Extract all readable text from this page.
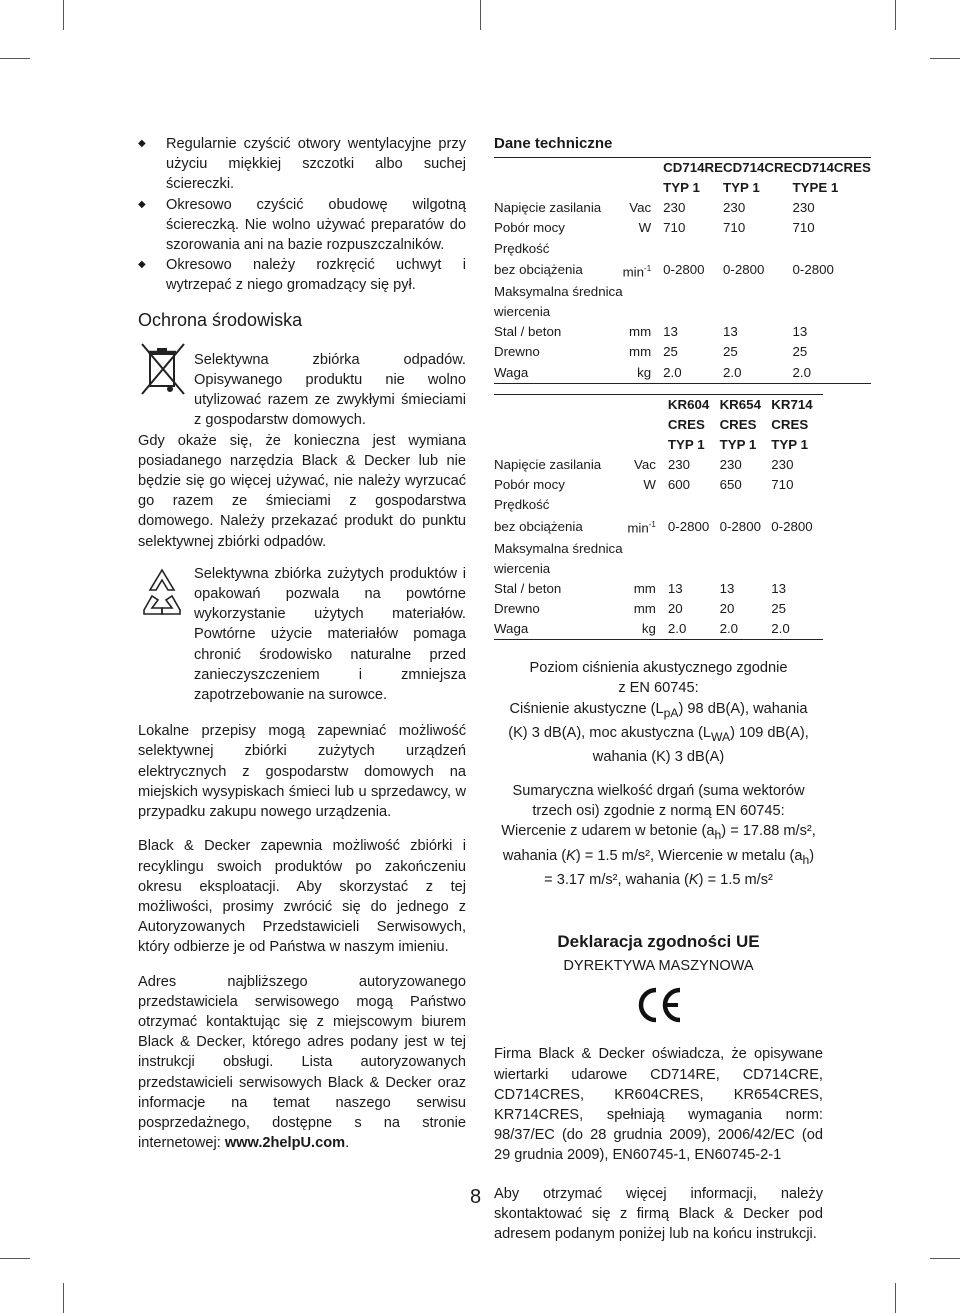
◆	Regularnie czyścić otwory wentylacyjne przy użyciu miękkiej szczotki albo suchej ściereczki.
◆	Okresowo czyścić obudowę wilgotną ściereczką. Nie wolno używać preparatów do szorowania ani na bazie rozpuszczalników.
◆	Okresowo należy rozkręcić uchwyt i wytrzepać z niego gromadzący się pył.
Ochrona środowiska
Selektywna zbiórka odpadów. Opisywanego produktu nie wolno utylizować razem ze zwykłymi śmieciami z gospodarstw domowych.

Gdy okaże się, że konieczna jest wymiana posiadanego narzędzia Black & Decker lub nie będzie się go więcej używać, nie należy wyrzucać go razem ze śmieciami z gospodarstwa domowego. Należy przekazać produkt do punktu selektywnej zbiórki odpadów.

Selektywna zbiórka zużytych produktów i opakowań pozwala na powtórne wykorzystanie użytych materiałów. Powtórne użycie materiałów pomaga chronić środowisko naturalne przed zanieczyszczeniem i zmniejsza zapotrzebowanie na surowce.

Lokalne przepisy mogą zapewniać możliwość selektywnej zbiórki zużytych urządzeń elektrycznych z gospodarstw domowych na miejskich wysypiskach śmieci lub u sprzedawcy, w przypadku zakupu nowego urządzenia.

Black & Decker zapewnia możliwość zbiórki i recyklingu swoich produktów po zakończeniu okresu eksploatacji. Aby skorzystać z tej możliwości, prosimy zwrócić się do jednego z Autoryzowanych Przedstawicieli Serwisowych, który odbierze je od Państwa w naszym imieniu.

Adres najbliższego autoryzowanego przedstawiciela serwisowego mogą Państwo otrzymać kontaktując się z miejscowym biurem Black & Decker, którego adres podany jest w tej instrukcji obsługi. Lista autoryzowanych przedstawicieli serwisowych Black & Decker oraz informacje na temat naszego serwisu posprzedażnego, dostępne s na stronie internetowej: www.2helpU.com.

Dane techniczne
		CD714RE	CD714CRE	CD714CRES
		TYP 1	TYP 1	TYPE 1
Napięcie zasilania	Vac	230	230	230
Pobór mocy	W	710	710	710
Prędkość				
bez obciążenia	$\min^{-1}$	0-2800	0-2800	0-2800
Maksymalna średnica				
wiercenia				
Stal / beton	mm	13	13	13
Drewno	mm	25	25	25
Waga	kg	2.0	2.0	2.0
		KR604	KR654	KR714
		CRES	CRES	CRES
		TYP 1	TYP 1	TYP 1
Napięcie zasilania	Vac	230	230	230
Pobór mocy	W	600	650	710
Prędkość				
bez obciążenia	$\min^{-1}$	0-2800	0-2800	0-2800
Maksymalna średnica				
wiercenia				
Stal / beton	mm	13	13	13
Drewno	mm	20	20	25
Waga	kg	2.0	2.0	2.0

Poziom ciśnienia akustycznego zgodnie

z EN 60745:

Ciśnienie akustyczne $(L_{pA})$ 98 dB(A), wahania

(K) 3 dB(A), moc akustyczna $(L_{WA})$ 109 dB(A),

wahania (K) 3 dB(A)

Sumaryczna wielkość drgań (suma wektorów

trzech osi) zgodnie z normą EN 60745:

Wiercenie z udarem w betonie $(a_h) = 17.88$ m/s²,

wahania (K) = 1.5 m/s², Wiercenie w metalu $(a_h)$

= 3.17 m/s², wahania (K) = 1.5 m/s²

Deklaracja zgodności UE
DYREKTYWA MASZYNOWA

Firma Black & Decker oświadcza, że opisywane wiertarki udarowe CD714RE, CD714CRE, CD714CRES, KR604CRES, KR654CRES, KR714CRES, spełniają wymagania norm: 98/37/EC (do 28 grudnia 2009), 2006/42/EC (od 29 grudnia 2009), EN60745-1, EN60745-2-1

Aby otrzymać więcej informacji, należy skontaktować się z firmą Black & Decker pod adresem podanym poniżej lub na końcu instrukcji.

8
